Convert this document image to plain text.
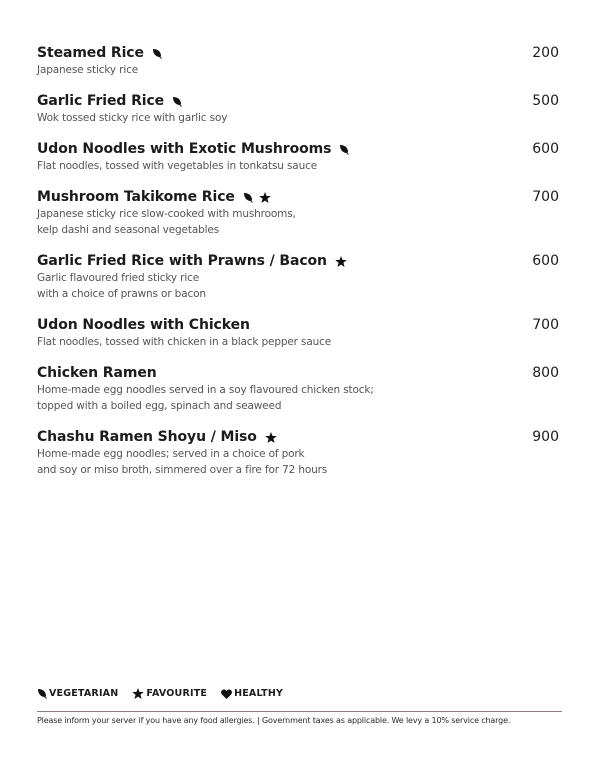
Steamed Rice	200
Japanese sticky rice
Garlic Fried Rice	500
Wok tossed sticky rice with garlic soy
Udon Noodles with Exotic Mushrooms	600
Flat noodles, tossed with vegetables in tonkatsu sauce
Mushroom Takikome Rice	700
Japanese sticky rice slow-cooked with mushrooms,
kelp dashi and seasonal vegetables
Garlic Fried Rice with Prawns / Bacon	600
Garlic flavoured fried sticky rice
with a choice of prawns or bacon
Udon Noodles with Chicken	700
Flat noodles, tossed with chicken in a black pepper sauce
Chicken Ramen	800
Home-made egg noodles served in a soy flavoured chicken stock;
topped with a boiled egg, spinach and seaweed
Chashu Ramen Shoyu / Miso	900
Home-made egg noodles; served in a choice of pork
and soy or miso broth, simmered over a fire for 72 hours
VEGETARIAN	FAVOURITE	HEALTHY
Please inform your server if you have any food allergies. | Government taxes as applicable. We levy a 10% service charge.
